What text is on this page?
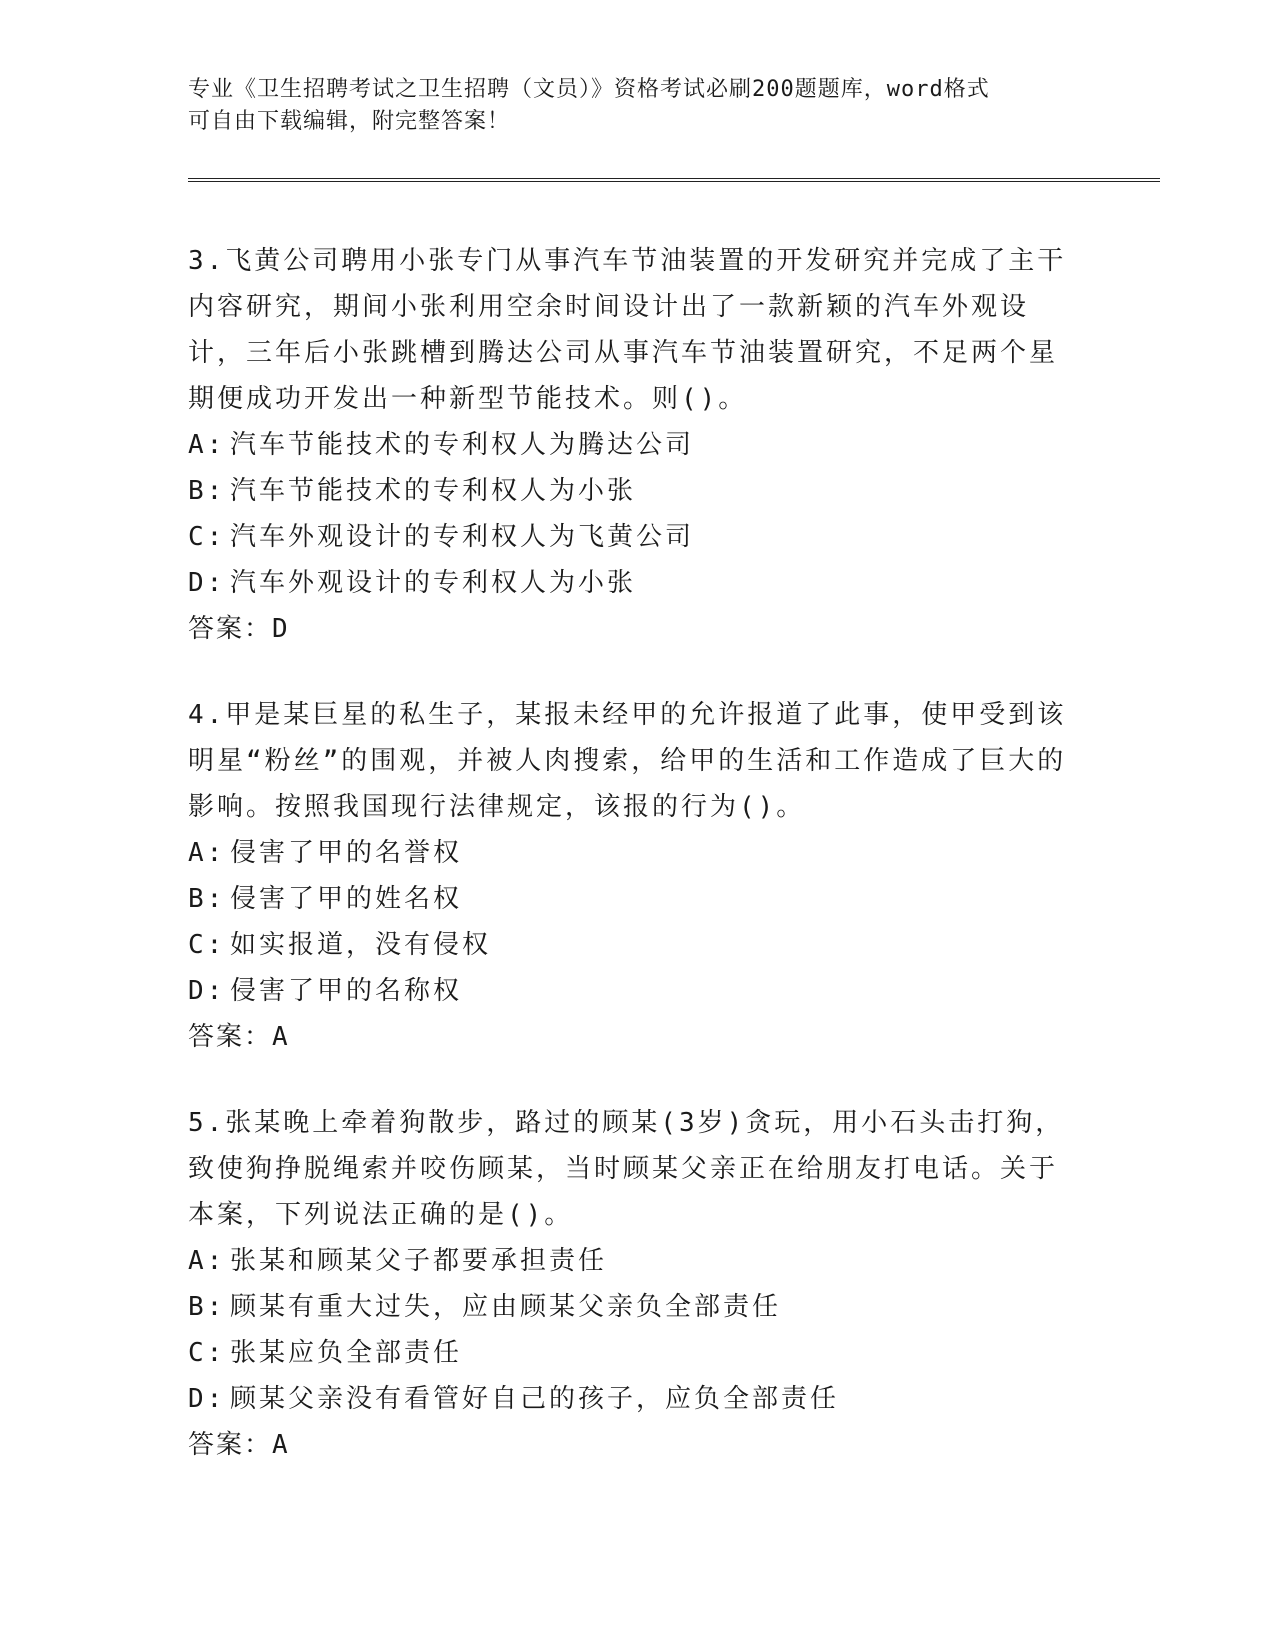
专业《卫生招聘考试之卫生招聘（文员）》资格考试必刷200题题库，word格式
可自由下载编辑，附完整答案！

3.飞黄公司聘用小张专门从事汽车节油装置的开发研究并完成了主干内容研究，期间小张利用空余时间设计出了一款新颖的汽车外观设计，三年后小张跳槽到腾达公司从事汽车节油装置研究，不足两个星期便成功开发出一种新型节能技术。则()。

A: 汽车节能技术的专利权人为腾达公司
B: 汽车节能技术的专利权人为小张
C: 汽车外观设计的专利权人为飞黄公司
D: 汽车外观设计的专利权人为小张
答案：D

4.甲是某巨星的私生子，某报未经甲的允许报道了此事，使甲受到该明星“粉丝”的围观，并被人肉搜索，给甲的生活和工作造成了巨大的影响。按照我国现行法律规定，该报的行为()。

A: 侵害了甲的名誉权
B: 侵害了甲的姓名权
C: 如实报道，没有侵权
D: 侵害了甲的名称权
答案：A

5.张某晚上牵着狗散步，路过的顾某(3岁)贪玩，用小石头击打狗，致使狗挣脱绳索并咬伤顾某，当时顾某父亲正在给朋友打电话。关于本案，下列说法正确的是()。

A: 张某和顾某父子都要承担责任
B: 顾某有重大过失，应由顾某父亲负全部责任
C: 张某应负全部责任
D: 顾某父亲没有看管好自己的孩子，应负全部责任
答案：A
